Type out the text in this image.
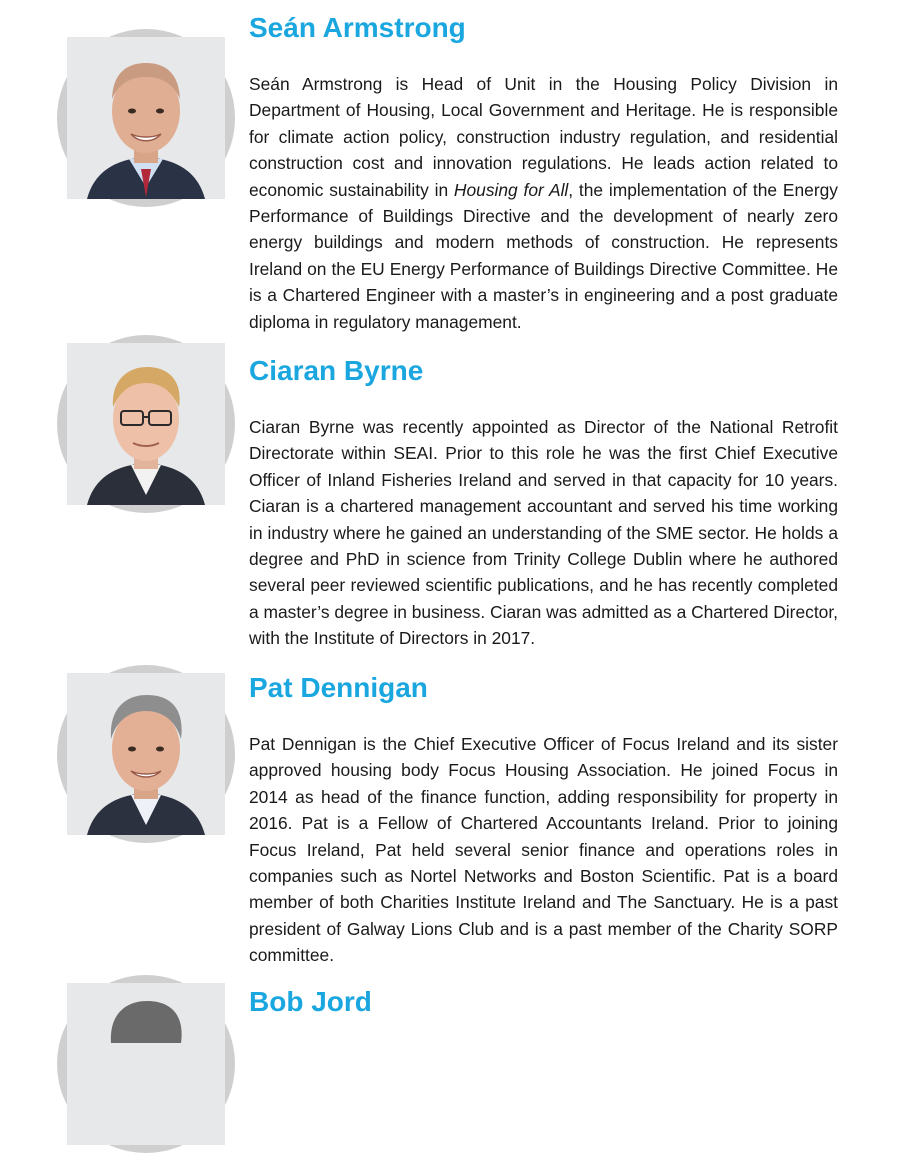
Seán Armstrong

Seán Armstrong is Head of Unit in the Housing Policy Division in Department of Housing, Local Government and Heritage. He is responsible for climate action policy, construction industry regulation, and residential construction cost and innovation regulations. He leads action related to economic sustainability in Housing for All, the implementation of the Energy Performance of Buildings Directive and the development of nearly zero energy buildings and modern methods of construction. He represents Ireland on the EU Energy Performance of Buildings Directive Committee. He is a Chartered Engineer with a master’s in engineering and a post graduate diploma in regulatory management.

Ciaran Byrne

Ciaran Byrne was recently appointed as Director of the National Retrofit Directorate within SEAI. Prior to this role he was the first Chief Executive Officer of Inland Fisheries Ireland and served in that capacity for 10 years. Ciaran is a chartered management accountant and served his time working in industry where he gained an understanding of the SME sector. He holds a degree and PhD in science from Trinity College Dublin where he authored several peer reviewed scientific publications, and he has recently completed a master’s degree in business. Ciaran was admitted as a Chartered Director, with the Institute of Directors in 2017.

Pat Dennigan

Pat Dennigan is the Chief Executive Officer of Focus Ireland and its sister approved housing body Focus Housing Association. He joined Focus in 2014 as head of the finance function, adding responsibility for property in 2016. Pat is a Fellow of Chartered Accountants Ireland. Prior to joining Focus Ireland, Pat held several senior finance and operations roles in companies such as Nortel Networks and Boston Scientific. Pat is a board member of both Charities Institute Ireland and The Sanctuary. He is a past president of Galway Lions Club and is a past member of the Charity SORP committee.

Bob Jord
